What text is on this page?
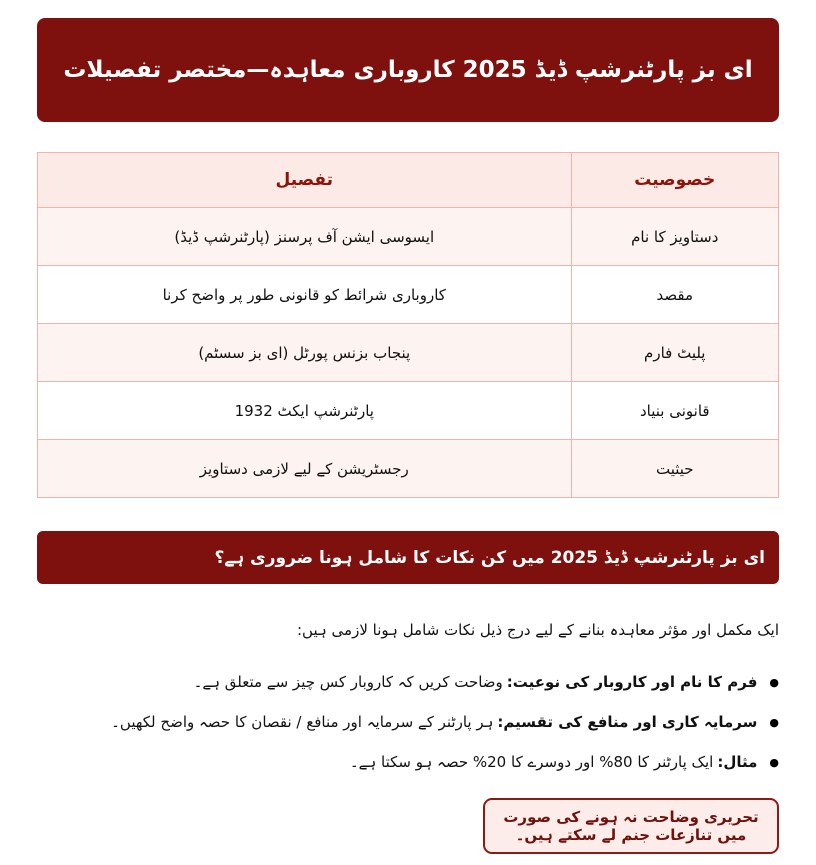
ای بز پارٹنرشپ ڈیڈ 2025 کاروباری معاہدہ—مختصر تفصیلات
خصوصیت	تفصیل
دستاویز کا نام	ایسوسی ایشن آف پرسنز (پارٹنرشپ ڈیڈ)
مقصد	کاروباری شرائط کو قانونی طور پر واضح کرنا
پلیٹ فارم	پنجاب بزنس پورٹل (ای بز سسٹم)
قانونی بنیاد	پارٹنرشپ ایکٹ 1932
حیثیت	رجسٹریشن کے لیے لازمی دستاویز
ای بز پارٹنرشپ ڈیڈ 2025 میں کن نکات کا شامل ہونا ضروری ہے؟

ایک مکمل اور مؤثر معاہدہ بنانے کے لیے درج ذیل نکات شامل ہونا لازمی ہیں:

●
فرم کا نام اور کاروبار کی نوعیت:
وضاحت کریں کہ کاروبار کس چیز سے متعلق ہے۔
●
سرمایہ کاری اور منافع کی تقسیم:
ہر پارٹنر کے سرمایہ اور منافع / نقصان کا حصہ واضح لکھیں۔
●
مثال:
ایک پارٹنر کا 80% اور دوسرے کا 20% حصہ ہو سکتا ہے۔

تحریری وضاحت نہ ہونے کی صورت میں تنازعات جنم لے سکتے ہیں۔
